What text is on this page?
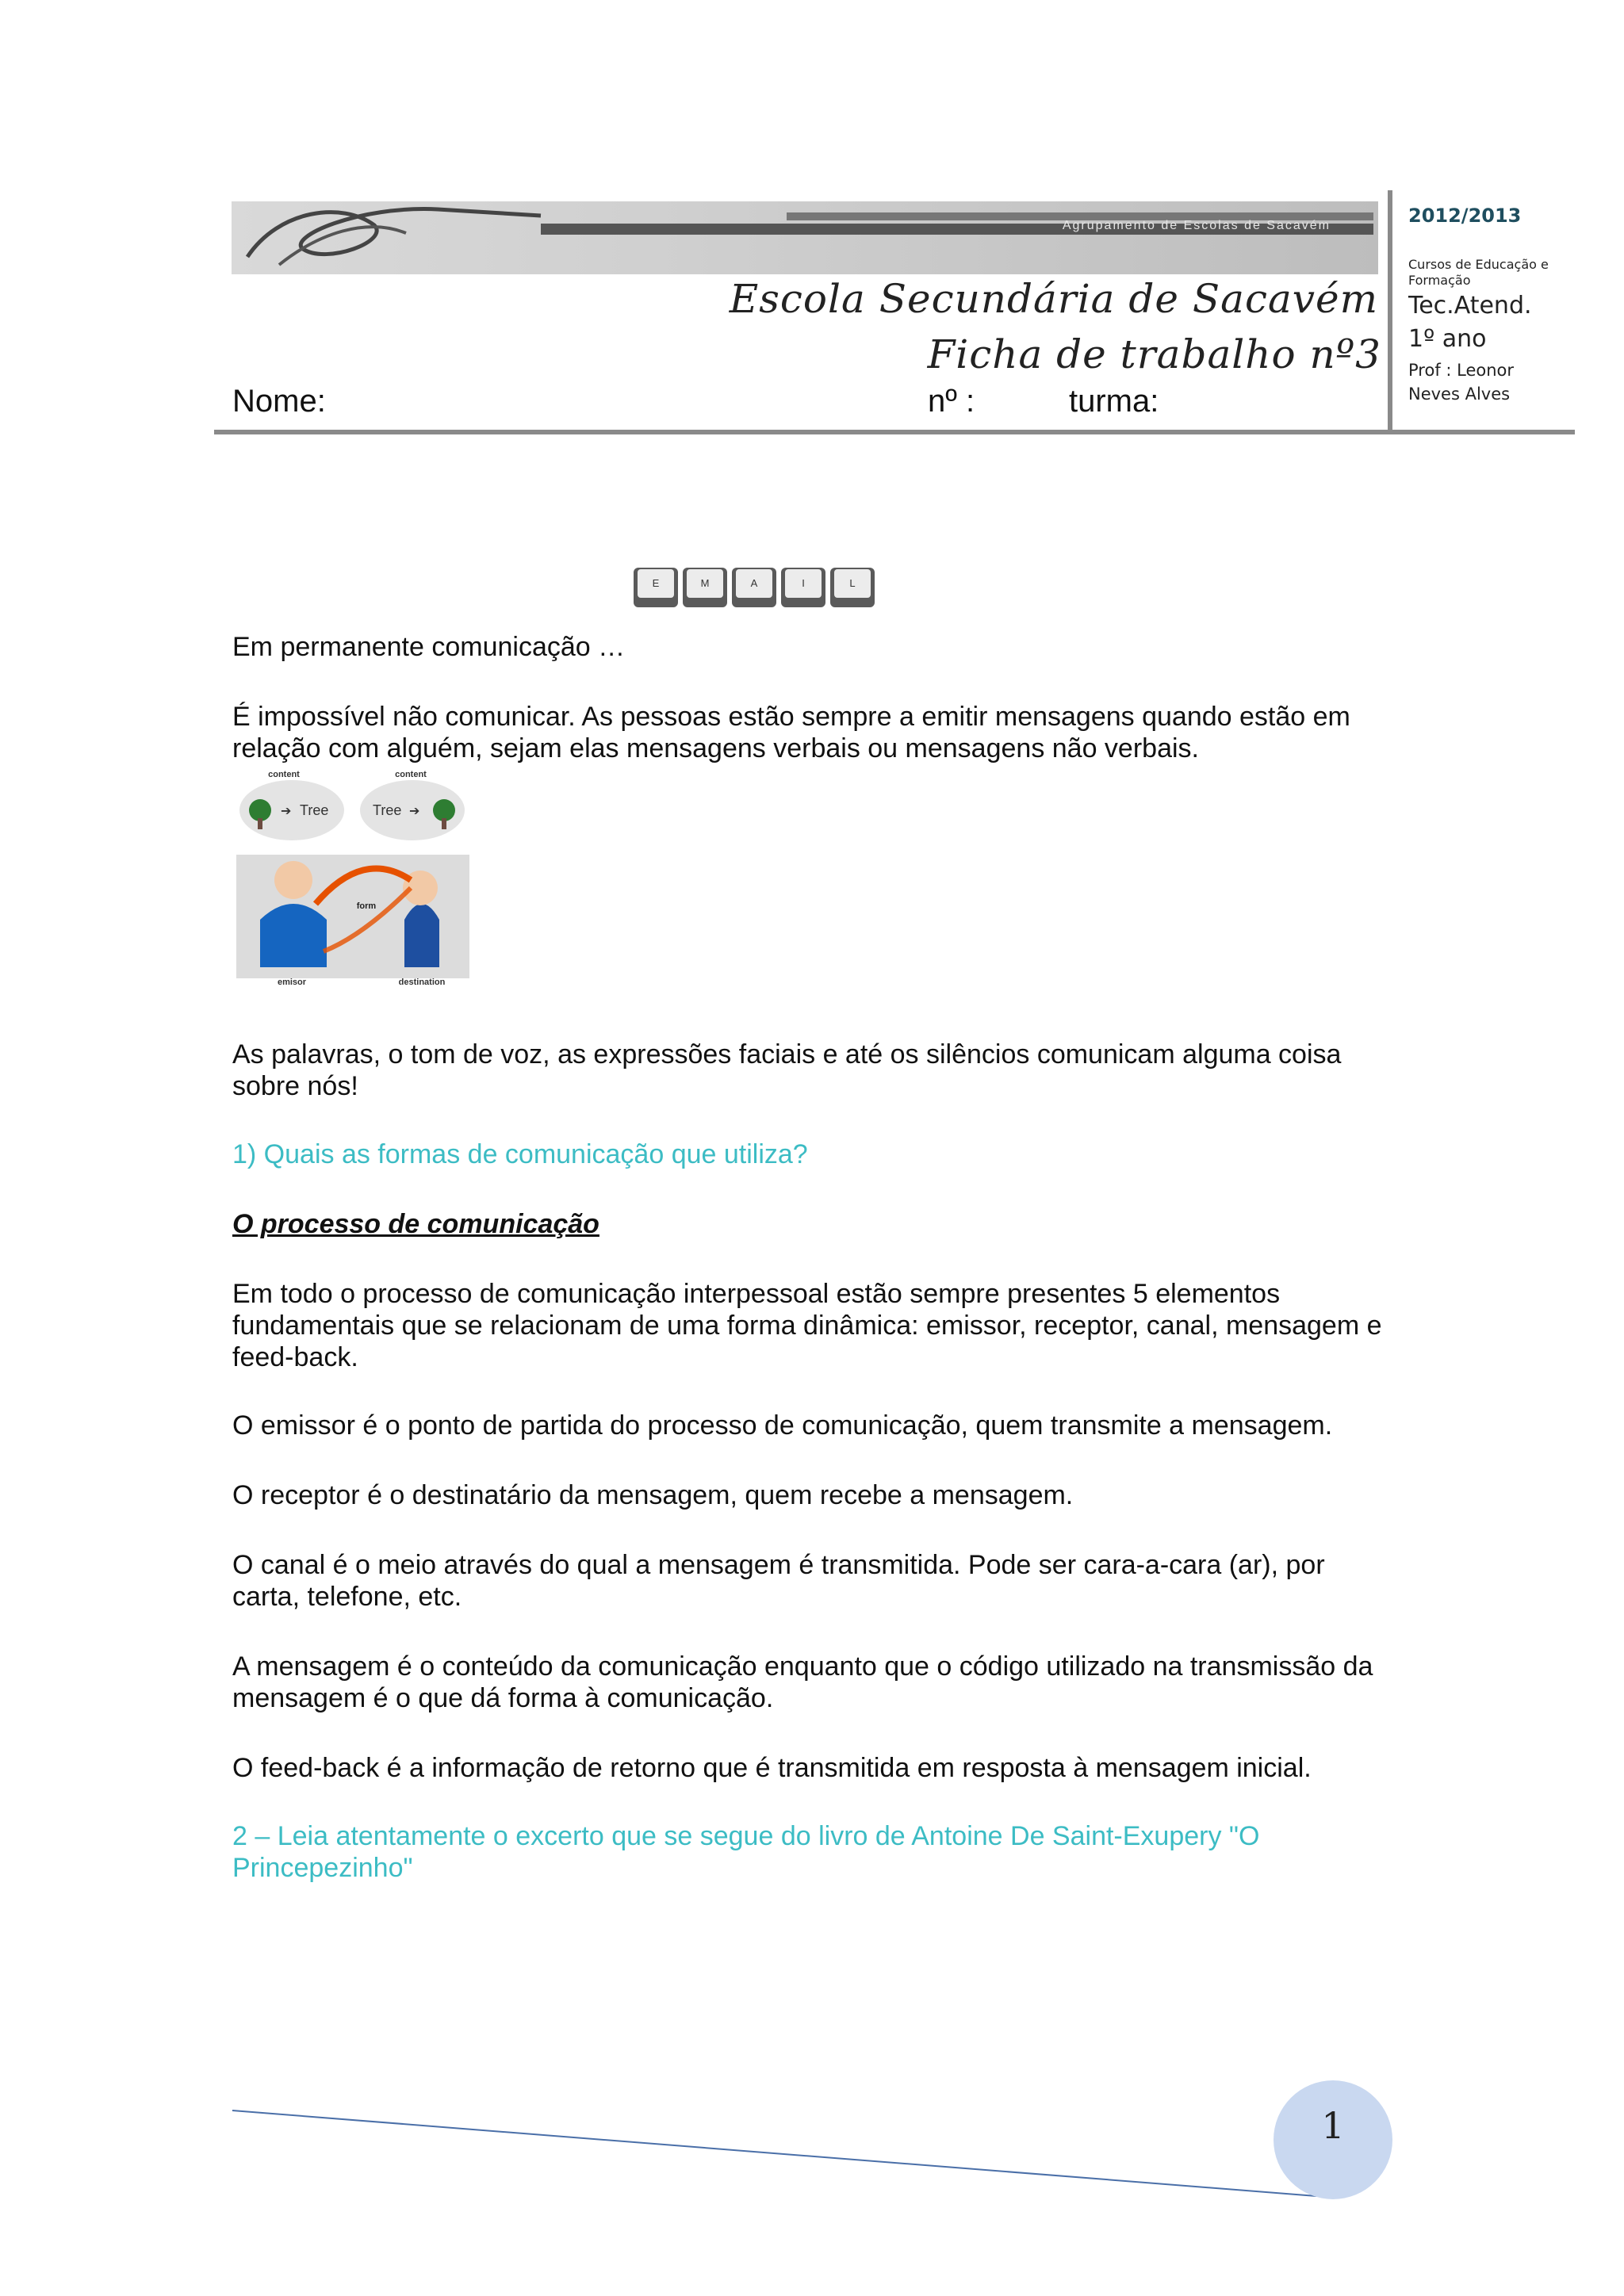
Agrupamento de Escolas de Sacavém
Escola Secundária de Sacavém
Ficha de trabalho nº3
Nome:	nº :	turma:
2012/2013
Cursos de Educação e Formação
Tec.Atend.
1º ano
Prof : Leonor Neves Alves
E	M	A	I	L

Em permanente comunicação …

É impossível não comunicar. As pessoas estão sempre a emitir mensagens quando estão em relação com alguém, sejam elas mensagens verbais ou mensagens não verbais.

content	content
➔ Tree	Tree ➔
form
emisor	destination

As palavras, o tom de voz, as expressões faciais e até os silêncios comunicam alguma coisa sobre nós!

1) Quais as formas de comunicação que utiliza?

O processo de comunicação

Em todo o processo de comunicação interpessoal estão sempre presentes 5 elementos fundamentais que se relacionam de uma forma dinâmica: emissor, receptor, canal, mensagem e feed-back.

O emissor é o ponto de partida do processo de comunicação, quem transmite a mensagem.

O receptor é o destinatário da mensagem, quem recebe a mensagem.

O canal é o meio através do qual a mensagem é transmitida. Pode ser cara-a-cara (ar), por carta, telefone, etc.

A mensagem é o conteúdo da comunicação enquanto que o código utilizado na transmissão da mensagem é o que dá forma à comunicação.

O feed-back é a informação de retorno que é transmitida em resposta à mensagem inicial.

2 – Leia atentamente o excerto que se segue do livro de Antoine De Saint-Exupery "O Princepezinho"

1
